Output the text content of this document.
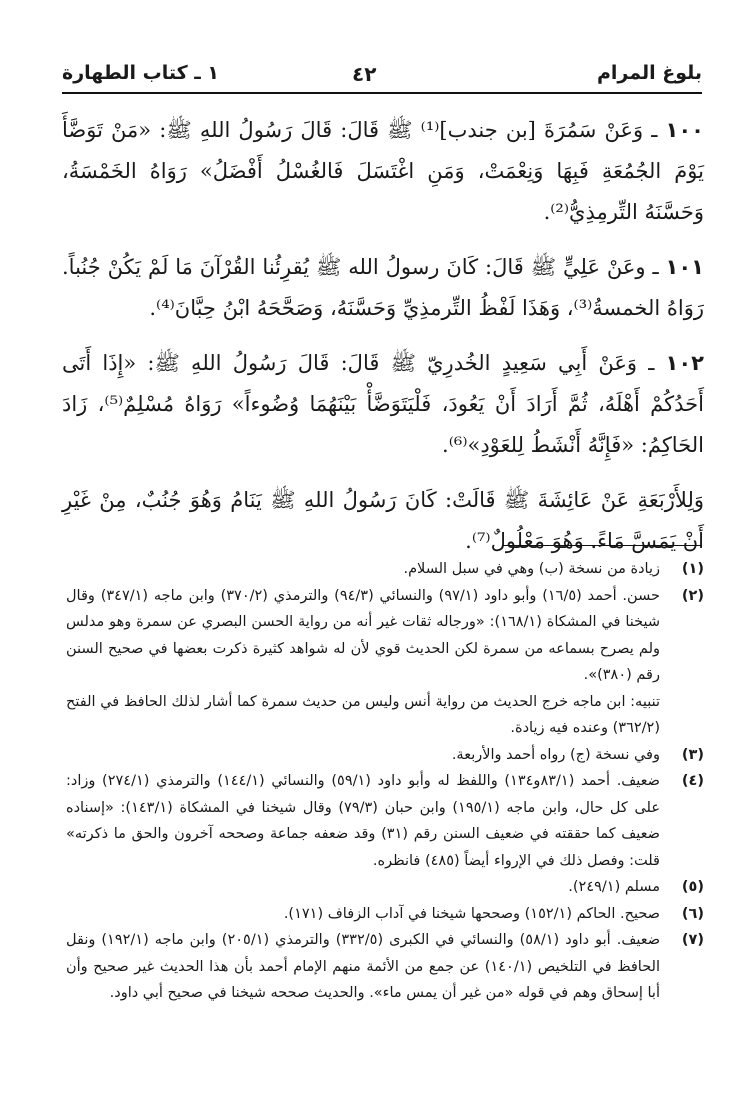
بلوغ المرام
٤٢
١ ـ كتاب الطهارة

١٠٠ ـ وَعَنْ سَمُرَةَ [بن جندب]⁽¹⁾ ﷺ قَالَ: قَالَ رَسُولُ اللهِ ﷺ: «مَنْ تَوَضَّأَ يَوْمَ الجُمُعَةِ فَبِهَا وَنِعْمَتْ، وَمَنِ اغْتَسَلَ فَالغُسْلُ أَفْضَلُ» رَوَاهُ الخَمْسَةُ، وَحَسَّنَهُ التِّرمِذِيُّ⁽²⁾.

١٠١ ـ وعَنْ عَلِيٍّ ﷺ قَالَ: كَانَ رسولُ الله ﷺ يُقرِئُنا القُرْآنَ مَا لَمْ يَكُنْ جُنُباً. رَوَاهُ الخمسةُ⁽³⁾، وَهَذَا لَفْظُ التِّرمذِيِّ وَحَسَّنَهُ، وَصَحَّحَهُ ابْنُ حِبَّانَ⁽⁴⁾.

١٠٢ ـ وَعَنْ أَبِي سَعِيدٍ الخُدرِيّ ﷺ قَالَ: قَالَ رَسُولُ اللهِ ﷺ: «إِذَا أَتَى أَحَدُكُمْ أَهْلَهُ، ثُمَّ أَرَادَ أَنْ يَعُودَ، فَلْيَتَوَضَّأْ بَيْنَهُمَا وُضُوءاً» رَوَاهُ مُسْلِمٌ⁽⁵⁾، زَادَ الحَاكِمُ: «فَإِنَّهُ أَنْشَطُ لِلعَوْدِ»⁽⁶⁾.

وَلِلأَرْبَعَةِ عَنْ عَائِشَةَ ﷺ قَالَتْ: كَانَ رَسُولُ اللهِ ﷺ يَنَامُ وَهُوَ جُنُبٌ، مِنْ غَيْرِ أَنْ يَمَسَّ مَاءً. وَهُوَ مَعْلُولٌ⁽⁷⁾.

(١)
زيادة من نسخة (ب) وهي في سبل السلام.
(٢)
حسن. أحمد (١٦/٥) وأبو داود (٩٧/١) والنسائي (٩٤/٣) والترمذي (٣٧٠/٢) وابن ماجه (٣٤٧/١) وقال شيخنا في المشكاة (١٦٨/١): «ورجاله ثقات غير أنه من رواية الحسن البصري عن سمرة وهو مدلس ولم يصرح بسماعه من سمرة لكن الحديث قوي لأن له شواهد كثيرة ذكرت بعضها في صحيح السنن رقم (٣٨٠)».
تنبيه: ابن ماجه خرج الحديث من رواية أنس وليس من حديث سمرة كما أشار لذلك الحافظ في الفتح (٣٦٢/٢) وعنده فيه زيادة.
(٣)
وفي نسخة (ج) رواه أحمد والأربعة.
(٤)
ضعيف. أحمد (٨٣/١و١٣٤) واللفظ له وأبو داود (٥٩/١) والنسائي (١٤٤/١) والترمذي (٢٧٤/١) وزاد: على كل حال، وابن ماجه (١٩٥/١) وابن حبان (٧٩/٣) وقال شيخنا في المشكاة (١٤٣/١): «إسناده ضعيف كما حققته في ضعيف السنن رقم (٣١) وقد ضعفه جماعة وصححه آخرون والحق ما ذكرته» قلت: وفصل ذلك في الإرواء أيضاً (٤٨٥) فانظره.
(٥)
مسلم (٢٤٩/١).
(٦)
صحيح. الحاكم (١٥٢/١) وصححها شيخنا في آداب الزفاف (١٧١).
(٧)
ضعيف. أبو داود (٥٨/١) والنسائي في الكبرى (٣٣٢/٥) والترمذي (٢٠٥/١) وابن ماجه (١٩٢/١) ونقل الحافظ في التلخيص (١٤٠/١) عن جمع من الأئمة منهم الإمام أحمد بأن هذا الحديث غير صحيح وأن أبا إسحاق وهم في قوله «من غير أن يمس ماء». والحديث صححه شيخنا في صحيح أبي داود.
